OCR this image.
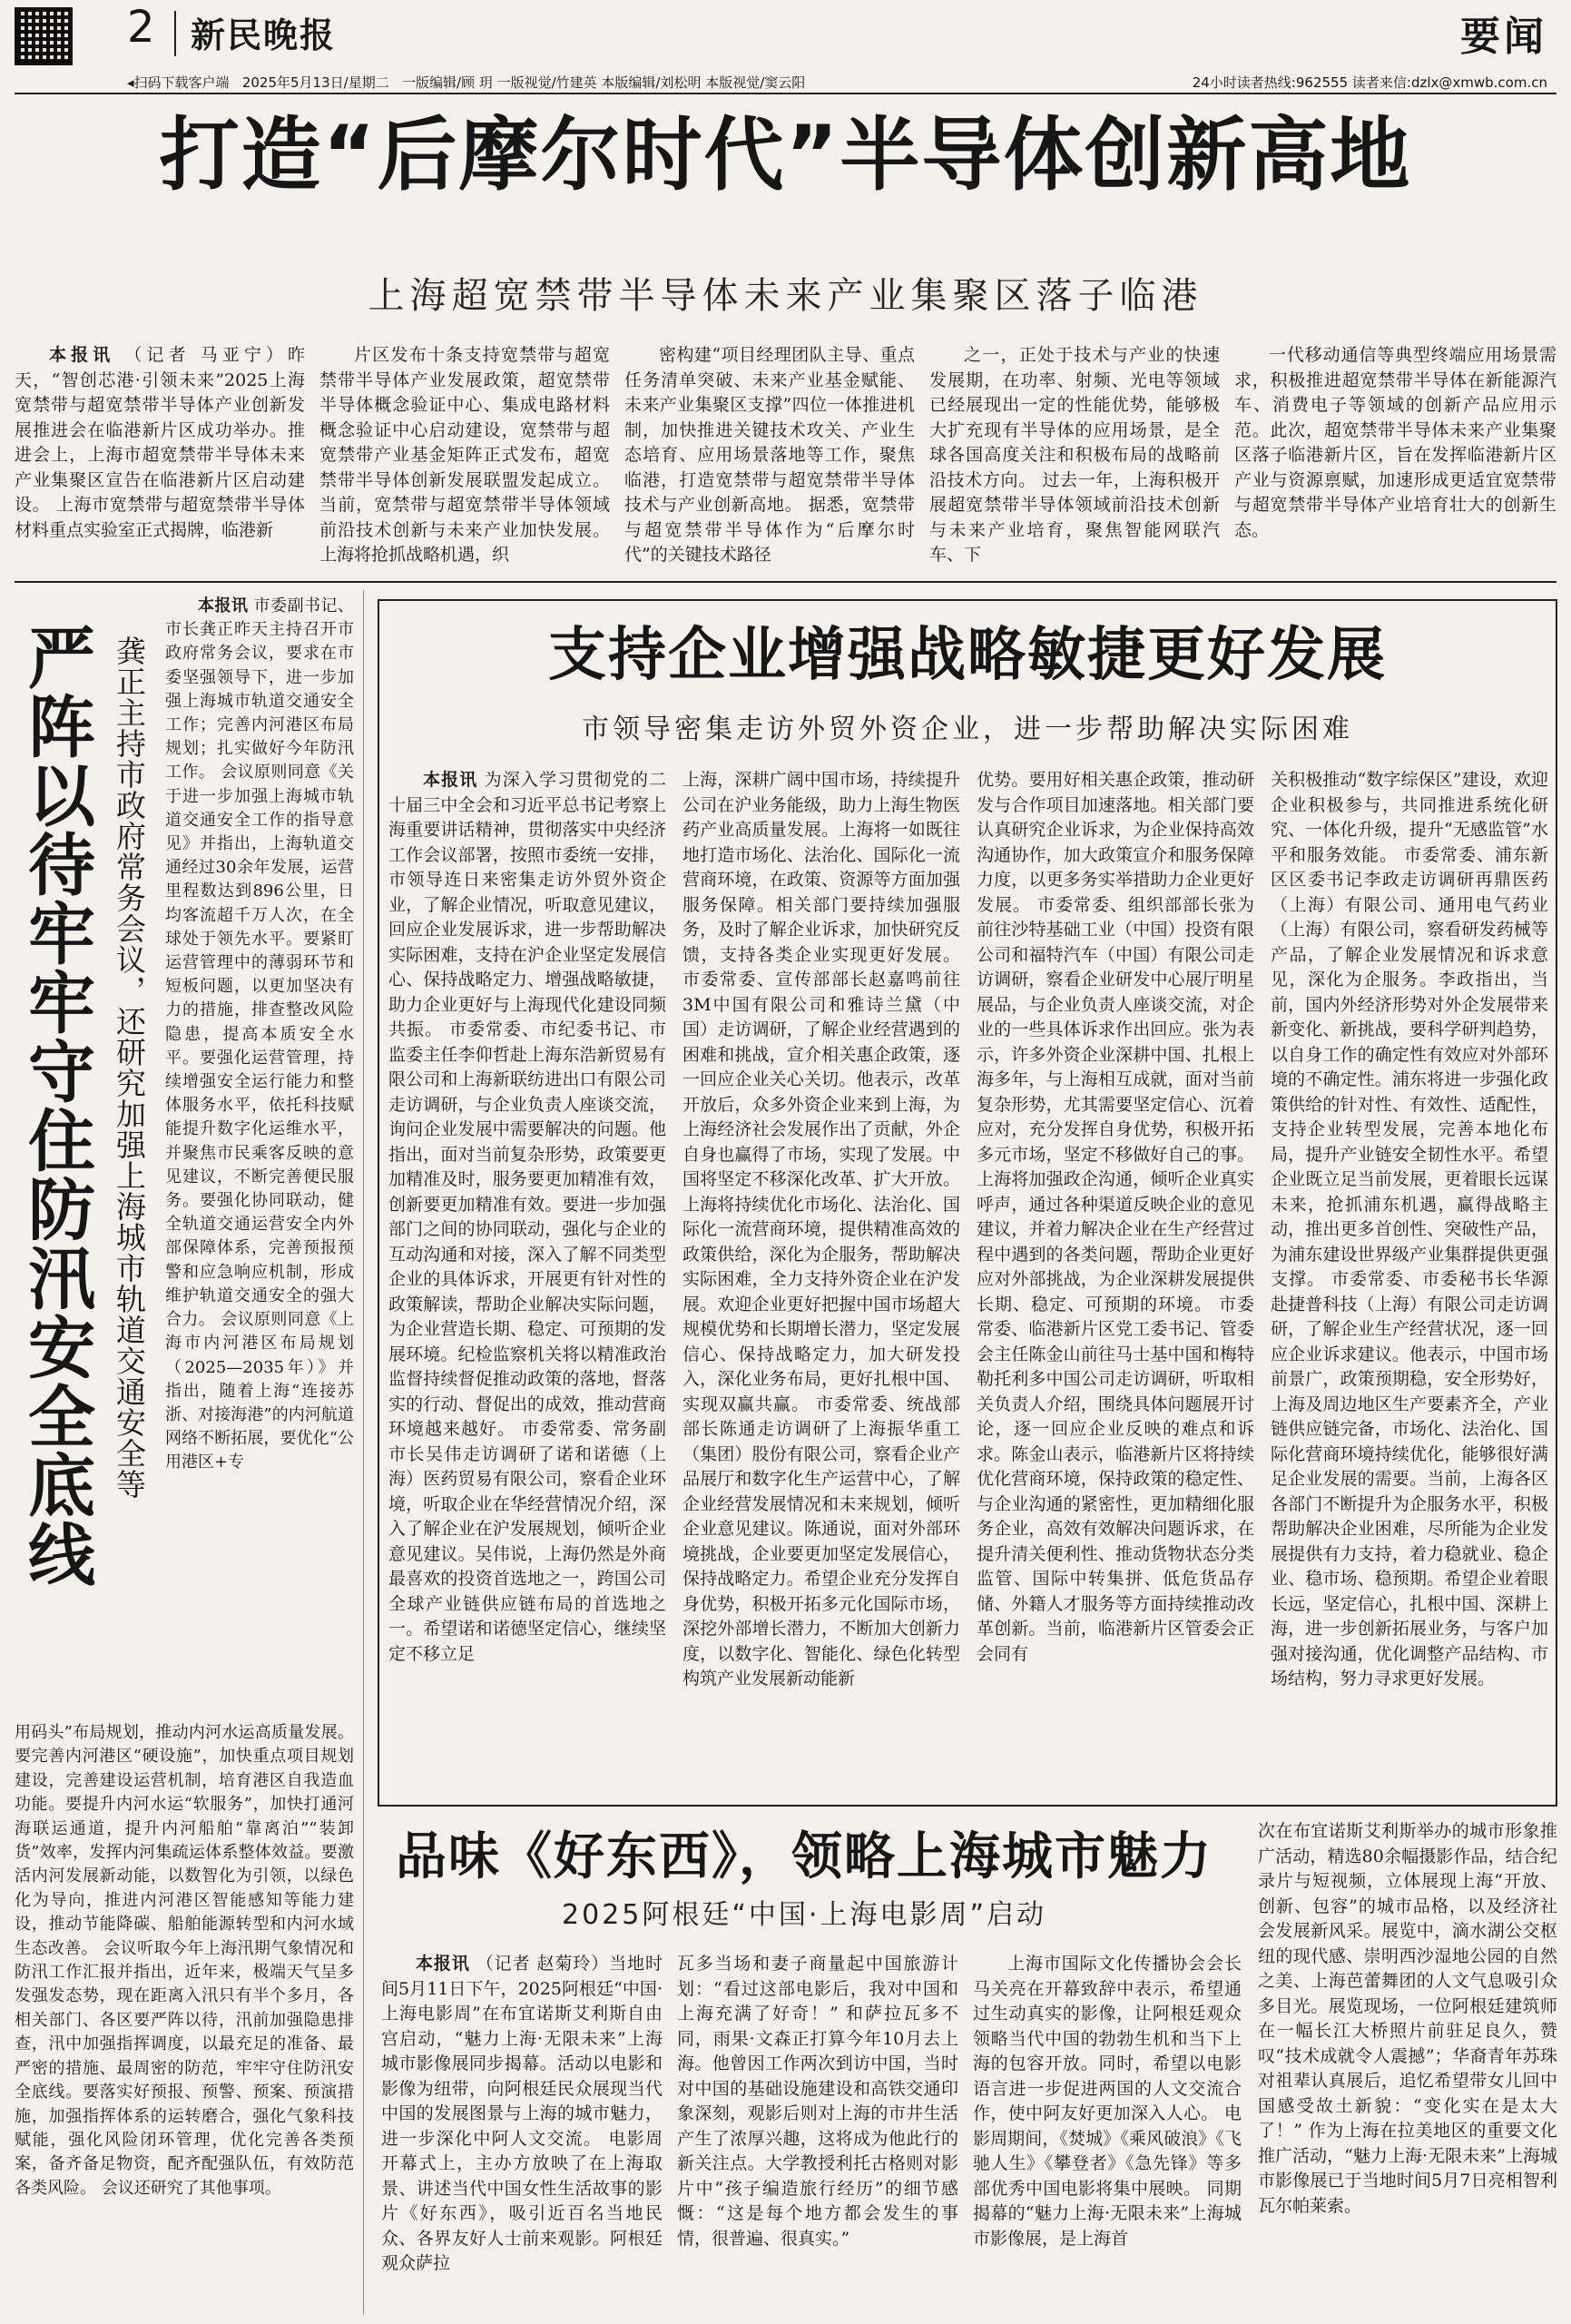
2 新民晚报	要闻
◂扫码下载客户端 2025年5月13日/星期二 一版编辑/顾 玥 一版视觉/竹建英 本版编辑/刘松明 本版视觉/窦云阳	24小时读者热线:962555 读者来信:dzlx@xmwb.com.cn
打造“后摩尔时代”半导体创新高地
上海超宽禁带半导体未来产业集聚区落子临港
本报讯 （记者 马亚宁）昨天，“智创芯港·引领未来”2025上海宽禁带与超宽禁带半导体产业创新发展推进会在临港新片区成功举办。推进会上，上海市超宽禁带半导体未来产业集聚区宣告在临港新片区启动建设。 上海市宽禁带与超宽禁带半导体材料重点实验室正式揭牌，临港新
片区发布十条支持宽禁带与超宽禁带半导体产业发展政策，超宽禁带半导体概念验证中心、集成电路材料概念验证中心启动建设，宽禁带与超宽禁带产业基金矩阵正式发布，超宽禁带半导体创新发展联盟发起成立。 当前，宽禁带与超宽禁带半导体领域前沿技术创新与未来产业加快发展。上海将抢抓战略机遇，织
密构建“项目经理团队主导、重点任务清单突破、未来产业基金赋能、未来产业集聚区支撑”四位一体推进机制，加快推进关键技术攻关、产业生态培育、应用场景落地等工作，聚焦临港，打造宽禁带与超宽禁带半导体技术与产业创新高地。 据悉，宽禁带与超宽禁带半导体作为“后摩尔时代”的关键技术路径
之一，正处于技术与产业的快速发展期，在功率、射频、光电等领域已经展现出一定的性能优势，能够极大扩充现有半导体的应用场景，是全球各国高度关注和积极布局的战略前沿技术方向。 过去一年，上海积极开展超宽禁带半导体领域前沿技术创新与未来产业培育，聚焦智能网联汽车、下
一代移动通信等典型终端应用场景需求，积极推进超宽禁带半导体在新能源汽车、消费电子等领域的创新产品应用示范。此次，超宽禁带半导体未来产业集聚区落子临港新片区，旨在发挥临港新片区产业与资源禀赋，加速形成更适宜宽禁带与超宽禁带半导体产业培育壮大的创新生态。
严阵以待牢牢守住防汛安全底线 龚正主持市政府常务会议，还研究加强上海城市轨道交通安全等
本报讯 市委副书记、市长龚正昨天主持召开市政府常务会议，要求在市委坚强领导下，进一步加强上海城市轨道交通安全工作；完善内河港区布局规划；扎实做好今年防汛工作。 会议原则同意《关于进一步加强上海城市轨道交通安全工作的指导意见》并指出，上海轨道交通经过30余年发展，运营里程数达到896公里，日均客流超千万人次，在全球处于领先水平。要紧盯运营管理中的薄弱环节和短板问题，以更加坚决有力的措施，排查整改风险隐患，提高本质安全水平。要强化运营管理，持续增强安全运行能力和整体服务水平，依托科技赋能提升数字化运维水平，并聚焦市民乘客反映的意见建议，不断完善便民服务。要强化协同联动，健全轨道交通运营安全内外部保障体系，完善预报预警和应急响应机制，形成维护轨道交通安全的强大合力。 会议原则同意《上海市内河港区布局规划（2025—2035年）》并指出，随着上海“连接苏浙、对接海港”的内河航道网络不断拓展，要优化“公用港区+专
用码头”布局规划，推动内河水运高质量发展。要完善内河港区“硬设施”，加快重点项目规划建设，完善建设运营机制，培育港区自我造血功能。要提升内河水运“软服务”，加快打通河海联运通道，提升内河船舶“靠离泊”“装卸货”效率，发挥内河集疏运体系整体效益。要激活内河发展新动能，以数智化为引领，以绿色化为导向，推进内河港区智能感知等能力建设，推动节能降碳、船舶能源转型和内河水域生态改善。 会议听取今年上海汛期气象情况和防汛工作汇报并指出，近年来，极端天气呈多发强发态势，现在距离入汛只有半个多月，各相关部门、各区要严阵以待，汛前加强隐患排查，汛中加强指挥调度，以最充足的准备、最严密的措施、最周密的防范，牢牢守住防汛安全底线。要落实好预报、预警、预案、预演措施，加强指挥体系的运转磨合，强化气象科技赋能，强化风险闭环管理，优化完善各类预案，备齐备足物资，配齐配强队伍，有效防范各类风险。 会议还研究了其他事项。
支持企业增强战略敏捷更好发展
市领导密集走访外贸外资企业，进一步帮助解决实际困难
本报讯 为深入学习贯彻党的二十届三中全会和习近平总书记考察上海重要讲话精神，贯彻落实中央经济工作会议部署，按照市委统一安排，市领导连日来密集走访外贸外资企业，了解企业情况，听取意见建议，回应企业发展诉求，进一步帮助解决实际困难，支持在沪企业坚定发展信心、保持战略定力、增强战略敏捷，助力企业更好与上海现代化建设同频共振。 市委常委、市纪委书记、市监委主任李仰哲赴上海东浩新贸易有限公司和上海新联纺进出口有限公司走访调研，与企业负责人座谈交流，询问企业发展中需要解决的问题。他指出，面对当前复杂形势，政策要更加精准及时，服务要更加精准有效，创新要更加精准有效。要进一步加强部门之间的协同联动，强化与企业的互动沟通和对接，深入了解不同类型企业的具体诉求，开展更有针对性的政策解读，帮助企业解决实际问题，为企业营造长期、稳定、可预期的发展环境。纪检监察机关将以精准政治监督持续督促推动政策的落地，督落实的行动、督促出的成效，推动营商环境越来越好。 市委常委、常务副市长吴伟走访调研了诺和诺德（上海）医药贸易有限公司，察看企业环境，听取企业在华经营情况介绍，深入了解企业在沪发展规划，倾听企业意见建议。吴伟说，上海仍然是外商最喜欢的投资首选地之一，跨国公司全球产业链供应链布局的首选地之一。希望诺和诺德坚定信心，继续坚定不移立足
上海，深耕广阔中国市场，持续提升公司在沪业务能级，助力上海生物医药产业高质量发展。上海将一如既往地打造市场化、法治化、国际化一流营商环境，在政策、资源等方面加强服务保障。相关部门要持续加强服务，及时了解企业诉求，加快研究反馈，支持各类企业实现更好发展。 市委常委、宣传部部长赵嘉鸣前往3M中国有限公司和雅诗兰黛（中国）走访调研，了解企业经营遇到的困难和挑战，宣介相关惠企政策，逐一回应企业关心关切。他表示，改革开放后，众多外资企业来到上海，为上海经济社会发展作出了贡献，外企自身也赢得了市场，实现了发展。中国将坚定不移深化改革、扩大开放。上海将持续优化市场化、法治化、国际化一流营商环境，提供精准高效的政策供给，深化为企服务，帮助解决实际困难，全力支持外资企业在沪发展。欢迎企业更好把握中国市场超大规模优势和长期增长潜力，坚定发展信心、保持战略定力，加大研发投入，深化业务布局，更好扎根中国、实现双赢共赢。 市委常委、统战部部长陈通走访调研了上海振华重工（集团）股份有限公司，察看企业产品展厅和数字化生产运营中心，了解企业经营发展情况和未来规划，倾听企业意见建议。陈通说，面对外部环境挑战，企业要更加坚定发展信心，保持战略定力。希望企业充分发挥自身优势，积极开拓多元化国际市场，深挖外部增长潜力，不断加大创新力度，以数字化、智能化、绿色化转型构筑产业发展新动能新
优势。要用好相关惠企政策，推动研发与合作项目加速落地。相关部门要认真研究企业诉求，为企业保持高效沟通协作，加大政策宣介和服务保障力度，以更多务实举措助力企业更好发展。 市委常委、组织部部长张为前往沙特基础工业（中国）投资有限公司和福特汽车（中国）有限公司走访调研，察看企业研发中心展厅明星展品，与企业负责人座谈交流，对企业的一些具体诉求作出回应。张为表示，许多外资企业深耕中国、扎根上海多年，与上海相互成就，面对当前复杂形势，尤其需要坚定信心、沉着应对，充分发挥自身优势，积极开拓多元市场，坚定不移做好自己的事。上海将加强政企沟通，倾听企业真实呼声，通过各种渠道反映企业的意见建议，并着力解决企业在生产经营过程中遇到的各类问题，帮助企业更好应对外部挑战，为企业深耕发展提供长期、稳定、可预期的环境。 市委常委、临港新片区党工委书记、管委会主任陈金山前往马士基中国和梅特勒托利多中国公司走访调研，听取相关负责人介绍，围绕具体问题展开讨论，逐一回应企业反映的难点和诉求。陈金山表示，临港新片区将持续优化营商环境，保持政策的稳定性、与企业沟通的紧密性，更加精细化服务企业，高效有效解决问题诉求，在提升清关便利性、推动货物状态分类监管、国际中转集拼、低危货品存储、外籍人才服务等方面持续推动改革创新。当前，临港新片区管委会正会同有
关积极推动“数字综保区”建设，欢迎企业积极参与，共同推进系统化研究、一体化升级，提升“无感监管”水平和服务效能。 市委常委、浦东新区区委书记李政走访调研再鼎医药（上海）有限公司、通用电气药业（上海）有限公司，察看研发药械等产品，了解企业发展情况和诉求意见，深化为企服务。李政指出，当前，国内外经济形势对外企发展带来新变化、新挑战，要科学研判趋势，以自身工作的确定性有效应对外部环境的不确定性。浦东将进一步强化政策供给的针对性、有效性、适配性，支持企业转型发展，完善本地化布局，提升产业链安全韧性水平。希望企业既立足当前发展，更着眼长远谋未来，抢抓浦东机遇，赢得战略主动，推出更多首创性、突破性产品，为浦东建设世界级产业集群提供更强支撑。 市委常委、市委秘书长华源赴捷普科技（上海）有限公司走访调研，了解企业生产经营状况，逐一回应企业诉求建议。他表示，中国市场前景广，政策预期稳，安全形势好，上海及周边地区生产要素齐全，产业链供应链完备，市场化、法治化、国际化营商环境持续优化，能够很好满足企业发展的需要。当前，上海各区各部门不断提升为企服务水平，积极帮助解决企业困难，尽所能为企业发展提供有力支持，着力稳就业、稳企业、稳市场、稳预期。希望企业着眼长远，坚定信心，扎根中国、深耕上海，进一步创新拓展业务，与客户加强对接沟通，优化调整产品结构、市场结构，努力寻求更好发展。
品味《好东西》，领略上海城市魅力
2025阿根廷“中国·上海电影周”启动
本报讯 （记者 赵菊玲）当地时间5月11日下午，2025阿根廷“中国·上海电影周”在布宜诺斯艾利斯自由宫启动，“魅力上海·无限未来”上海城市影像展同步揭幕。活动以电影和影像为纽带，向阿根廷民众展现当代中国的发展图景与上海的城市魅力，进一步深化中阿人文交流。 电影周开幕式上，主办方放映了在上海取景、讲述当代中国女性生活故事的影片《好东西》，吸引近百名当地民众、各界友好人士前来观影。阿根廷观众萨拉
瓦多当场和妻子商量起中国旅游计划：“看过这部电影后，我对中国和上海充满了好奇！” 和萨拉瓦多不同，雨果·文森正打算今年10月去上海。他曾因工作两次到访中国，当时对中国的基础设施建设和高铁交通印象深刻，观影后则对上海的市井生活产生了浓厚兴趣，这将成为他此行的新关注点。大学教授利托古格则对影片中“孩子编造旅行经历”的细节感慨：“这是每个地方都会发生的事情，很普遍、很真实。”
上海市国际文化传播协会会长马关亮在开幕致辞中表示，希望通过生动真实的影像，让阿根廷观众领略当代中国的勃勃生机和当下上海的包容开放。同时，希望以电影语言进一步促进两国的人文交流合作，使中阿友好更加深入人心。 电影周期间，《焚城》《乘风破浪》《飞驰人生》《攀登者》《急先锋》等多部优秀中国电影将集中展映。 同期揭幕的“魅力上海·无限未来”上海城市影像展，是上海首
次在布宜诺斯艾利斯举办的城市形象推广活动，精选80余幅摄影作品，结合纪录片与短视频，立体展现上海“开放、创新、包容”的城市品格，以及经济社会发展新风采。展览中，滴水湖公交枢纽的现代感、崇明西沙湿地公园的自然之美、上海芭蕾舞团的人文气息吸引众多目光。展览现场，一位阿根廷建筑师在一幅长江大桥照片前驻足良久，赞叹“技术成就令人震撼”；华裔青年苏珠对祖辈认真展后，追忆希望带女儿回中国感受故土新貌：“变化实在是太大了！” 作为上海在拉美地区的重要文化推广活动，“魅力上海·无限未来”上海城市影像展已于当地时间5月7日亮相智利瓦尔帕莱索。
